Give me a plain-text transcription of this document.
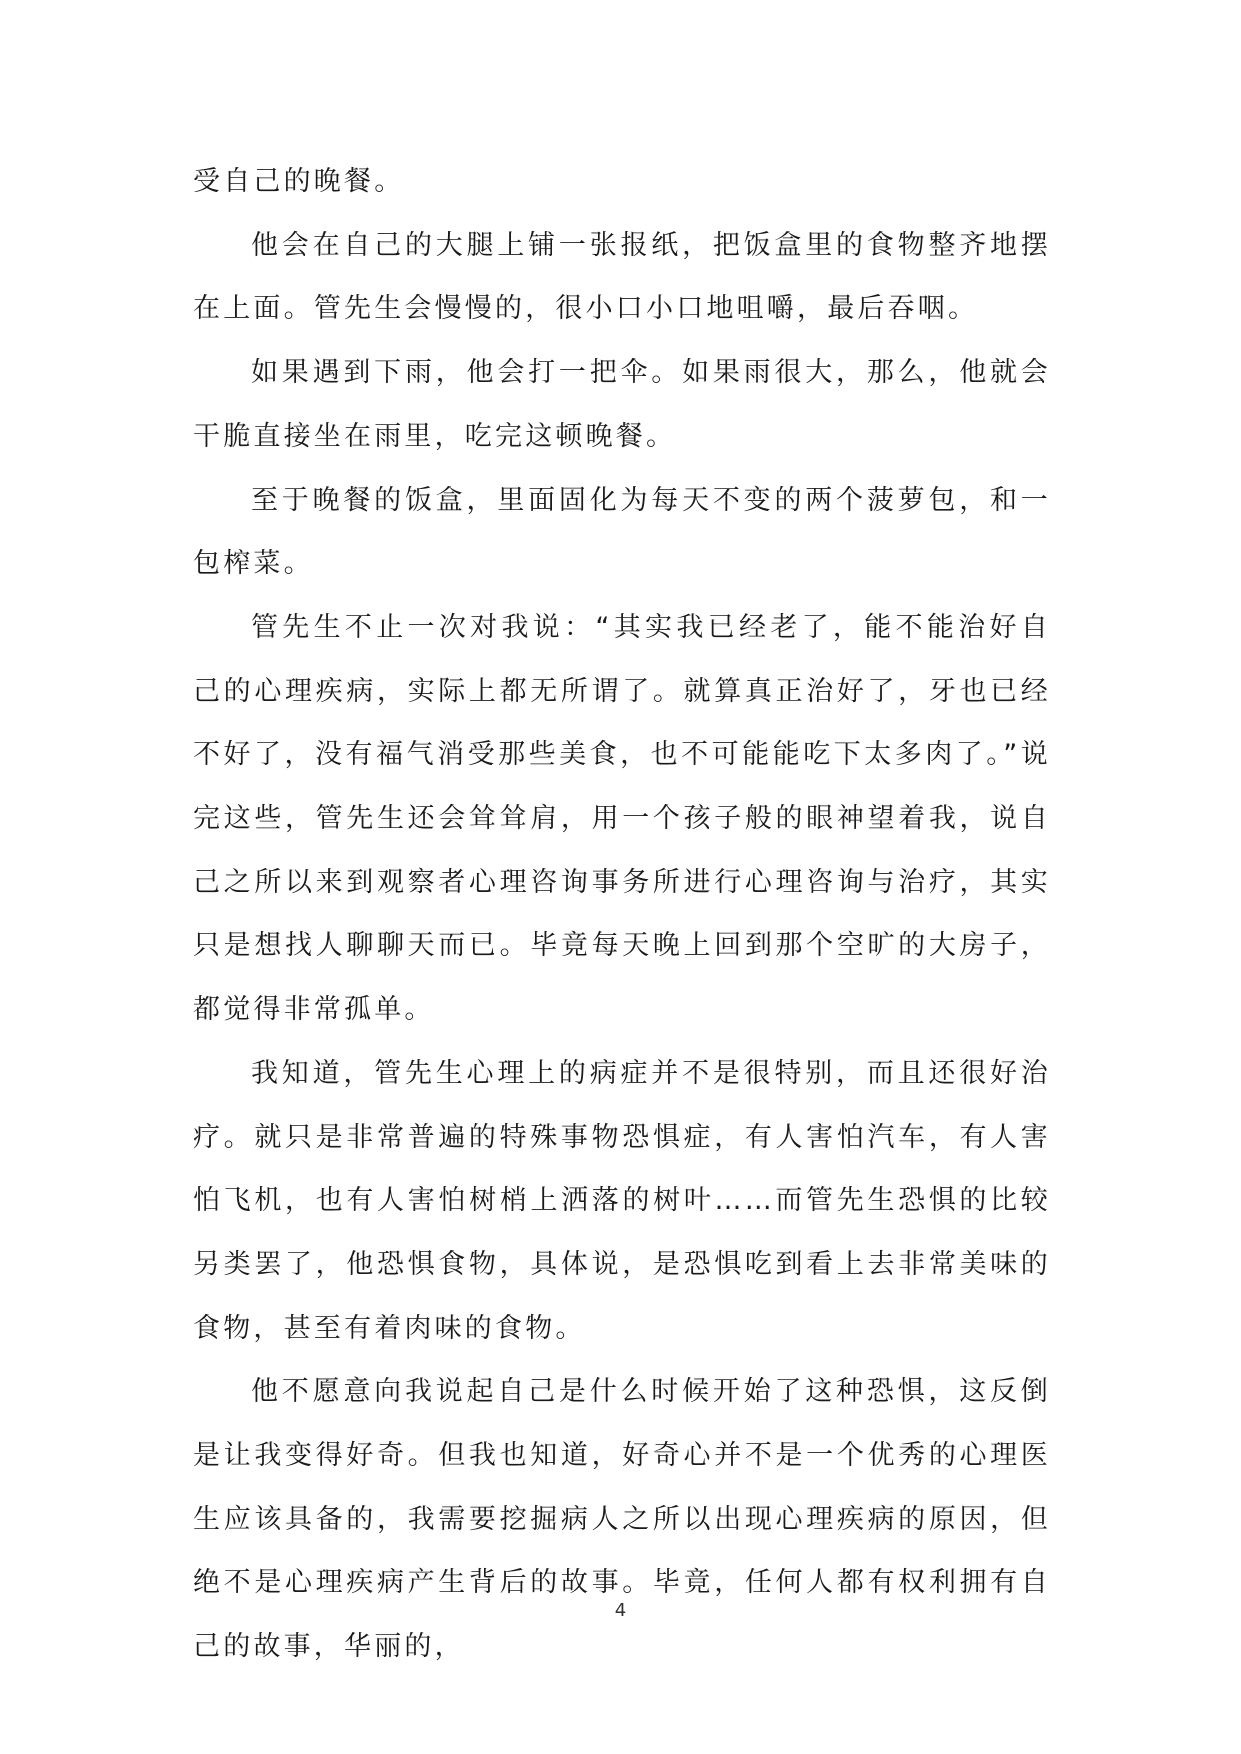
受自己的晚餐。

他会在自己的大腿上铺一张报纸，把饭盒里的食物整齐地摆在上面。管先生会慢慢的，很小口小口地咀嚼，最后吞咽。

如果遇到下雨，他会打一把伞。如果雨很大，那么，他就会干脆直接坐在雨里，吃完这顿晚餐。

至于晚餐的饭盒，里面固化为每天不变的两个菠萝包，和一包榨菜。

管先生不止一次对我说：“其实我已经老了，能不能治好自己的心理疾病，实际上都无所谓了。就算真正治好了，牙也已经不好了，没有福气消受那些美食，也不可能能吃下太多肉了。”说完这些，管先生还会耸耸肩，用一个孩子般的眼神望着我，说自己之所以来到观察者心理咨询事务所进行心理咨询与治疗，其实只是想找人聊聊天而已。毕竟每天晚上回到那个空旷的大房子，都觉得非常孤单。

我知道，管先生心理上的病症并不是很特别，而且还很好治疗。就只是非常普遍的特殊事物恐惧症，有人害怕汽车，有人害怕飞机，也有人害怕树梢上洒落的树叶……而管先生恐惧的比较另类罢了，他恐惧食物，具体说，是恐惧吃到看上去非常美味的食物，甚至有着肉味的食物。

他不愿意向我说起自己是什么时候开始了这种恐惧，这反倒是让我变得好奇。但我也知道，好奇心并不是一个优秀的心理医生应该具备的，我需要挖掘病人之所以出现心理疾病的原因，但绝不是心理疾病产生背后的故事。毕竟，任何人都有权利拥有自己的故事，华丽的，

4
